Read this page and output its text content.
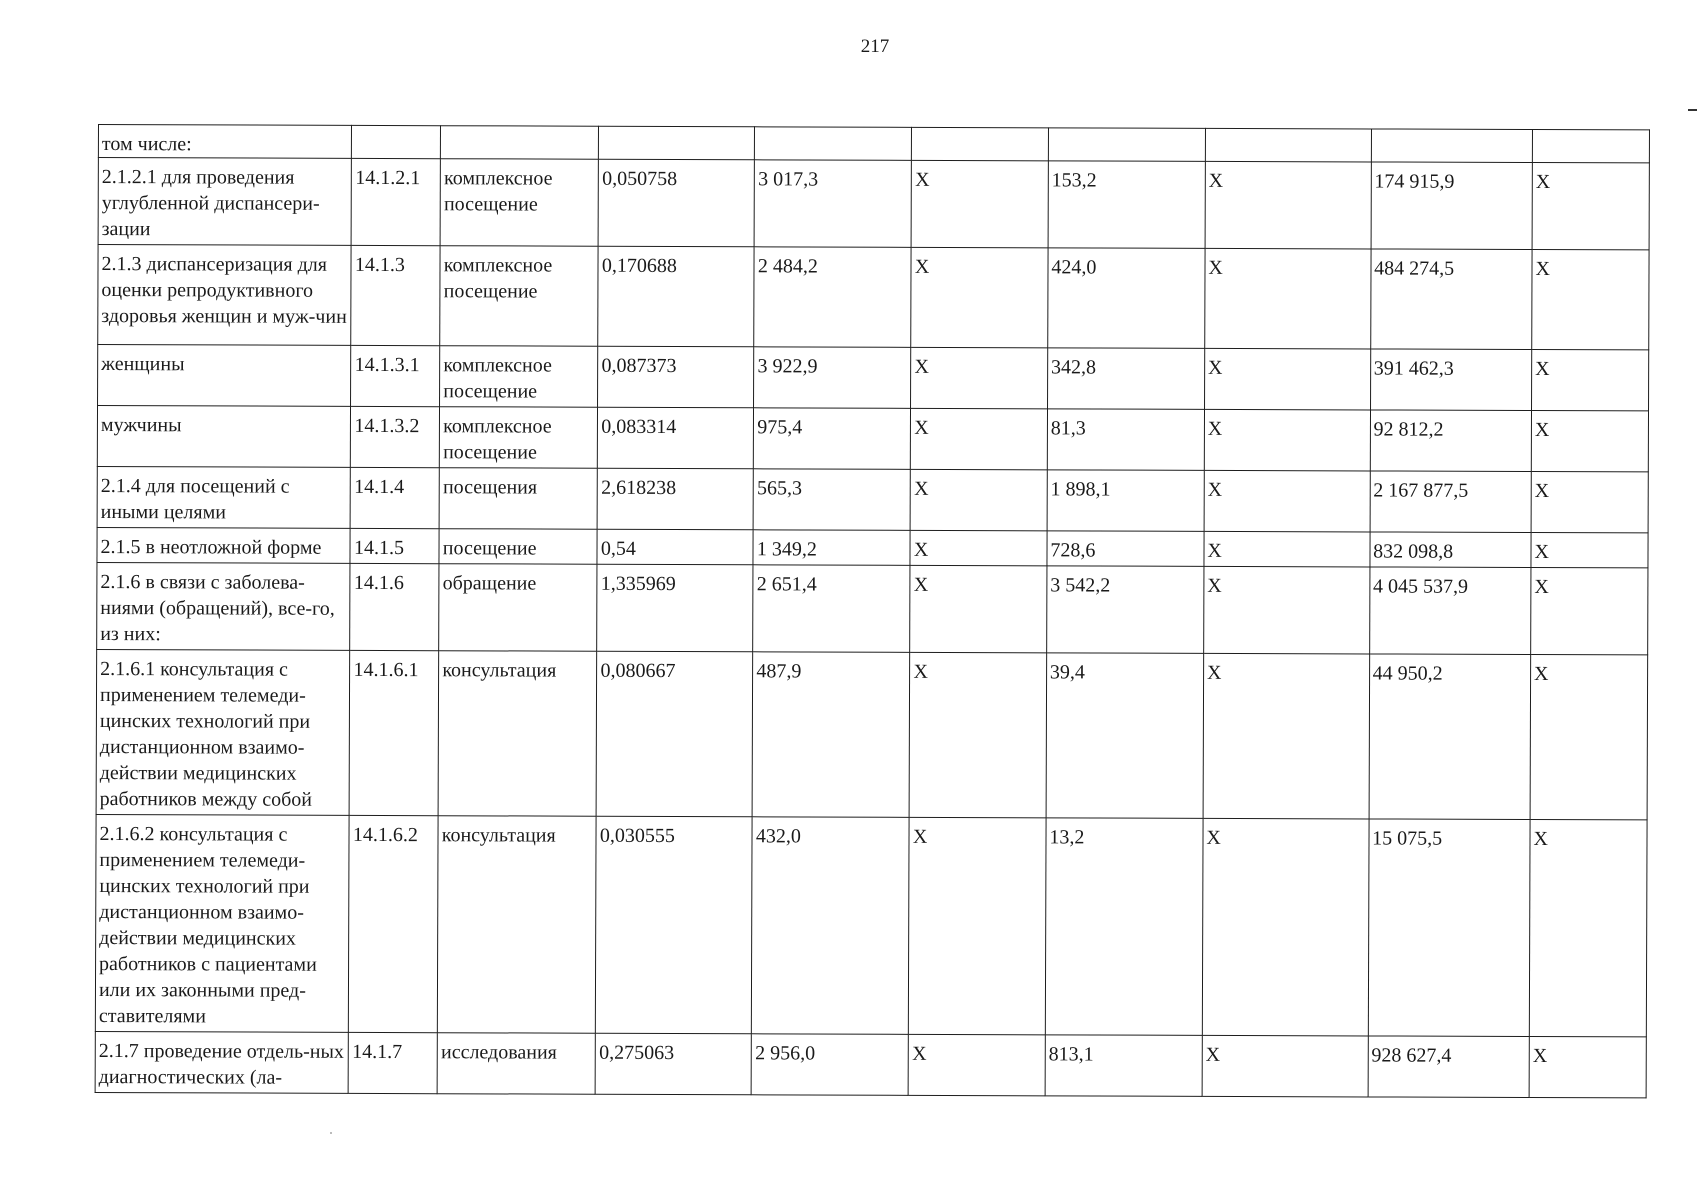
217
том числе:									
2.1.2.1 для проведения углубленной диспансери-зации	14.1.2.1	комплексное посещение	0,050758	3 017,3	Х	153,2	Х	174 915,9	Х
2.1.3 диспансеризация для оценки репродуктивного здоровья женщин и муж-чин	14.1.3	комплексное посещение	0,170688	2 484,2	Х	424,0	Х	484 274,5	Х
женщины	14.1.3.1	комплексное посещение	0,087373	3 922,9	Х	342,8	Х	391 462,3	Х
мужчины	14.1.3.2	комплексное посещение	0,083314	975,4	Х	81,3	Х	92 812,2	Х
2.1.4 для посещений с иными целями	14.1.4	посещения	2,618238	565,3	Х	1 898,1	Х	2 167 877,5	Х
2.1.5 в неотложной форме	14.1.5	посещение	0,54	1 349,2	Х	728,6	Х	832 098,8	Х
2.1.6 в связи с заболева-ниями (обращений), все-го, из них:	14.1.6	обращение	1,335969	2 651,4	Х	3 542,2	Х	4 045 537,9	Х
2.1.6.1 консультация с применением телемеди-цинских технологий при дистанционном взаимо-действии медицинских работников между собой	14.1.6.1	консультация	0,080667	487,9	Х	39,4	Х	44 950,2	Х
2.1.6.2 консультация с применением телемеди-цинских технологий при дистанционном взаимо-действии медицинских работников с пациентами или их законными пред-ставителями	14.1.6.2	консультация	0,030555	432,0	Х	13,2	Х	15 075,5	Х
2.1.7 проведение отдель-ных диагностических (ла-	14.1.7	исследования	0,275063	2 956,0	Х	813,1	Х	928 627,4	Х
